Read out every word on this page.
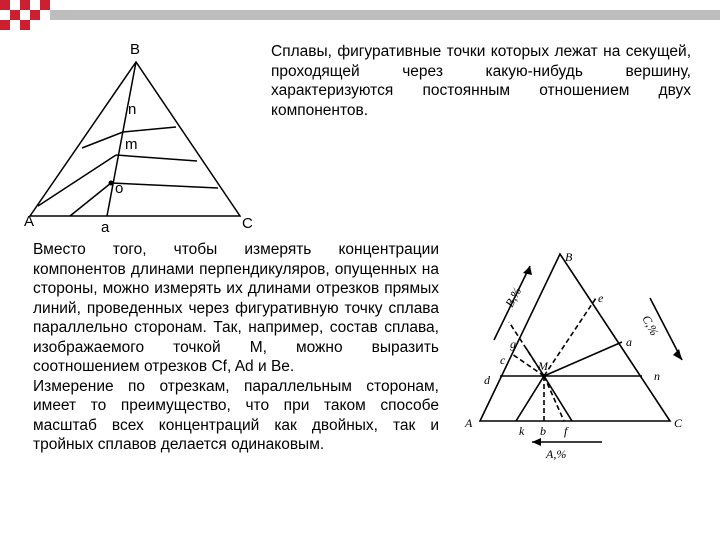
Сплавы, фигуративные точки которых лежат на секущей, проходящей через какую-нибудь вершину, характеризуются постоянным отношением двух компонентов.

Вместо того, чтобы измерять концентрации компонентов длинами перпендикуляров, опущенных на стороны, можно измерять их длинами отрезков прямых линий, проведенных через фигуративную точку сплава параллельно сторонам. Так, например, состав сплава, изображаемого точкой М, можно выразить соотношением отрезков Cf, Ad и Be.

Измерение по отрезкам, параллельным сторонам, имеет то преимущество, что при таком способе масштаб всех концентраций как двойных, так и тройных сплавов делается одинаковым.

B
n
m
o
A	a	C
B
C
A
M
e
a
n
g
c
d
k b f
B,%
C,%
A,%
